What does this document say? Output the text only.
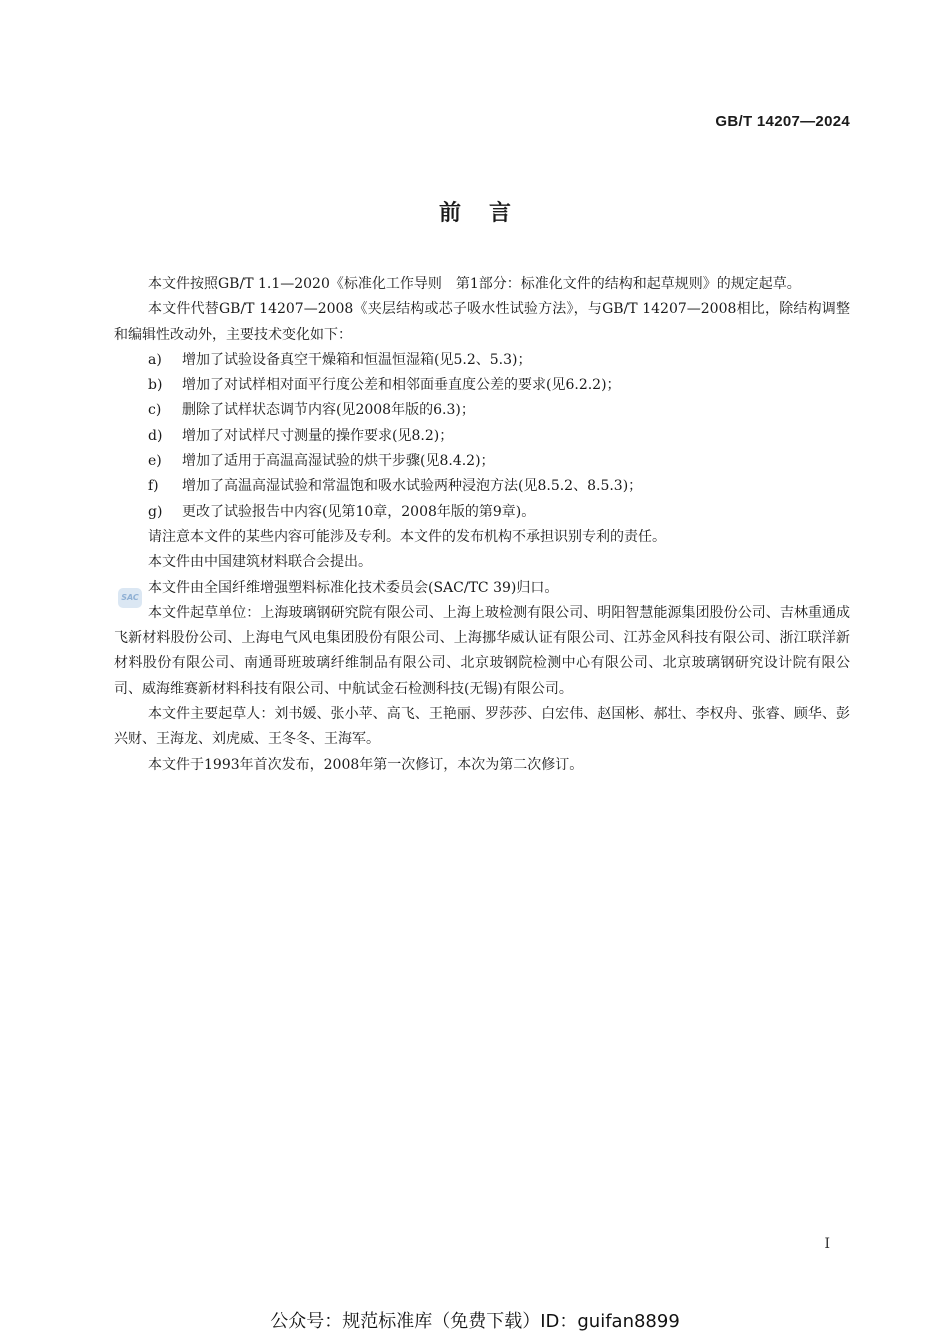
GB/T 14207—2024
前言
SAC

本文件按照GB/T 1.1—2020《标准化工作导则　第1部分：标准化文件的结构和起草规则》的规定起草。

本文件代替GB/T 14207—2008《夹层结构或芯子吸水性试验方法》，与GB/T 14207—2008相比，除结构调整和编辑性改动外，主要技术变化如下：

a)	增加了试验设备真空干燥箱和恒温恒湿箱(见5.2、5.3)；
b)	增加了对试样相对面平行度公差和相邻面垂直度公差的要求(见6.2.2)；
c)	删除了试样状态调节内容(见2008年版的6.3)；
d)	增加了对试样尺寸测量的操作要求(见8.2)；
e)	增加了适用于高温高湿试验的烘干步骤(见8.4.2)；
f)	增加了高温高湿试验和常温饱和吸水试验两种浸泡方法(见8.5.2、8.5.3)；
g)	更改了试验报告中内容(见第10章，2008年版的第9章)。

请注意本文件的某些内容可能涉及专利。本文件的发布机构不承担识别专利的责任。

本文件由中国建筑材料联合会提出。

本文件由全国纤维增强塑料标准化技术委员会(SAC/TC 39)归口。

本文件起草单位：上海玻璃钢研究院有限公司、上海上玻检测有限公司、明阳智慧能源集团股份公司、吉林重通成飞新材料股份公司、上海电气风电集团股份有限公司、上海挪华威认证有限公司、江苏金风科技有限公司、浙江联洋新材料股份有限公司、南通哥班玻璃纤维制品有限公司、北京玻钢院检测中心有限公司、北京玻璃钢研究设计院有限公司、威海维赛新材料科技有限公司、中航试金石检测科技(无锡)有限公司。

本文件主要起草人：刘书媛、张小苹、高飞、王艳丽、罗莎莎、白宏伟、赵国彬、郝壮、李权舟、张睿、顾华、彭兴财、王海龙、刘虎威、王冬冬、王海军。

本文件于1993年首次发布，2008年第一次修订，本次为第二次修订。

I
公众号：规范标准库（免费下载）ID：guifan8899
